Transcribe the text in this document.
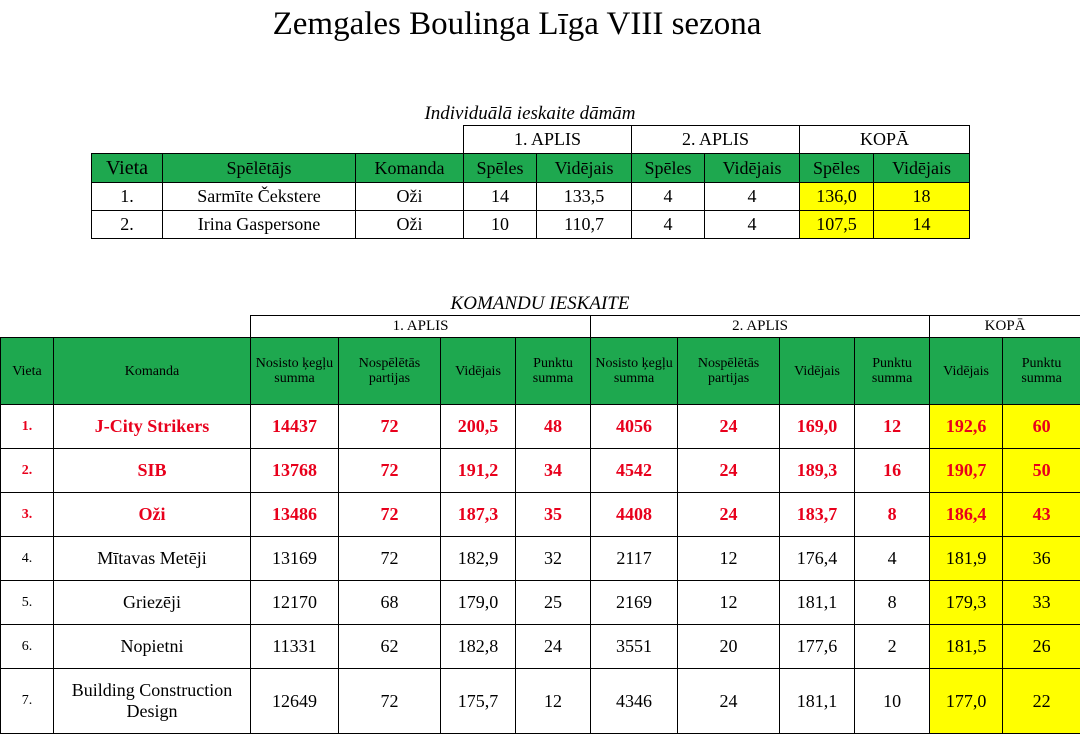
Zemgales Boulinga Līga VIII sezona
Individuālā ieskaite dāmām
			1. APLIS		2. APLIS		KOPĀ	
Vieta	Spēlētājs	Komanda	Spēles	Vidējais	Spēles	Vidējais	Spēles	Vidējais
1.	Sarmīte Čekstere	Oži	14	133,5	4	4	136,0	18
2.	Irina Gaspersone	Oži	10	110,7	4	4	107,5	14
KOMANDU IESKAITE
		1. APLIS				2. APLIS				KOPĀ	
Vieta	Komanda	Nosisto ķegļu summa	Nospēlētās partijas	Vidējais	Punktu summa	Nosisto ķegļu summa	Nospēlētās partijas	Vidējais	Punktu summa	Vidējais	Punktu summa
1.	J-City Strikers	14437	72	200,5	48	4056	24	169,0	12	192,6	60
2.	SIB	13768	72	191,2	34	4542	24	189,3	16	190,7	50
3.	Oži	13486	72	187,3	35	4408	24	183,7	8	186,4	43
4.	Mītavas Metēji	13169	72	182,9	32	2117	12	176,4	4	181,9	36
5.	Griezēji	12170	68	179,0	25	2169	12	181,1	8	179,3	33
6.	Nopietni	11331	62	182,8	24	3551	20	177,6	2	181,5	26
7.	Building Construction Design	12649	72	175,7	12	4346	24	181,1	10	177,0	22
